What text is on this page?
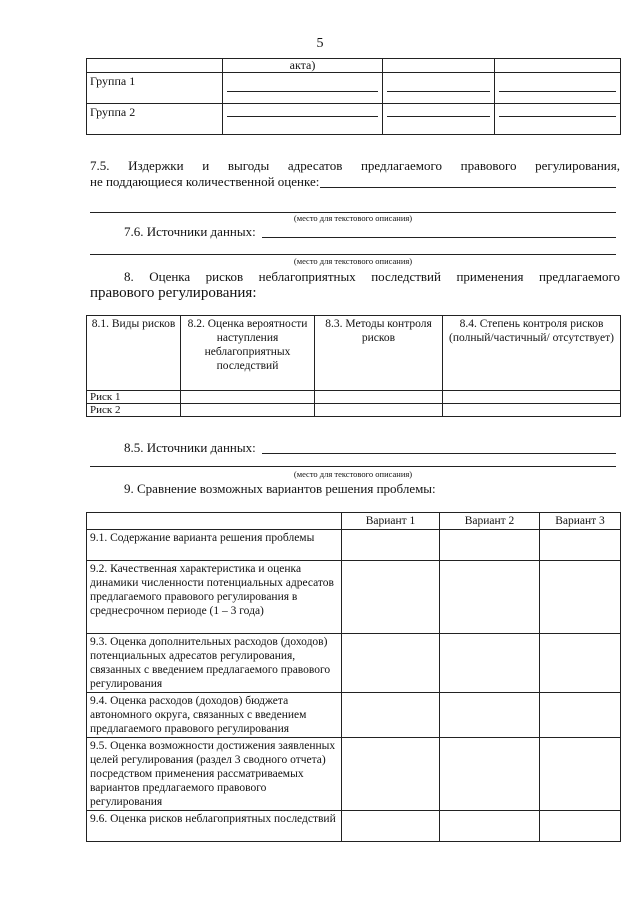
5
	акта)		
Группа 1	

Группа 2	

7.5. Издержки и выгоды адресатов предлагаемого правового регулирования,
не поддающиеся количественной оценке:
(место для текстового описания)
7.6. Источники данных:
(место для текстового описания)
8. Оценка рисков неблагоприятных последствий применения предлагаемого
правового регулирования:
8.1. Виды рисков	8.2. Оценка вероятности наступления неблагоприятных последствий	8.3. Методы контроля рисков	8.4. Степень контроля рисков (полный/частичный/ отсутствует)
Риск 1			
Риск 2			
8.5. Источники данных:
(место для текстового описания)
9. Сравнение возможных вариантов решения проблемы:
	Вариант 1	Вариант 2	Вариант 3
9.1. Содержание варианта решения проблемы			
9.2. Качественная характеристика и оценка динамики численности потенциальных адресатов предлагаемого правового регулирования в среднесрочном периоде (1 – 3 года)			
9.3. Оценка дополнительных расходов (доходов) потенциальных адресатов регулирования, связанных с введением предлагаемого правового регулирования			
9.4. Оценка расходов (доходов) бюджета автономного округа, связанных с введением предлагаемого правового регулирования			
9.5. Оценка возможности достижения заявленных целей регулирования (раздел 3 сводного отчета) посредством применения рассматриваемых вариантов предлагаемого правового регулирования			
9.6. Оценка рисков неблагоприятных последствий			
